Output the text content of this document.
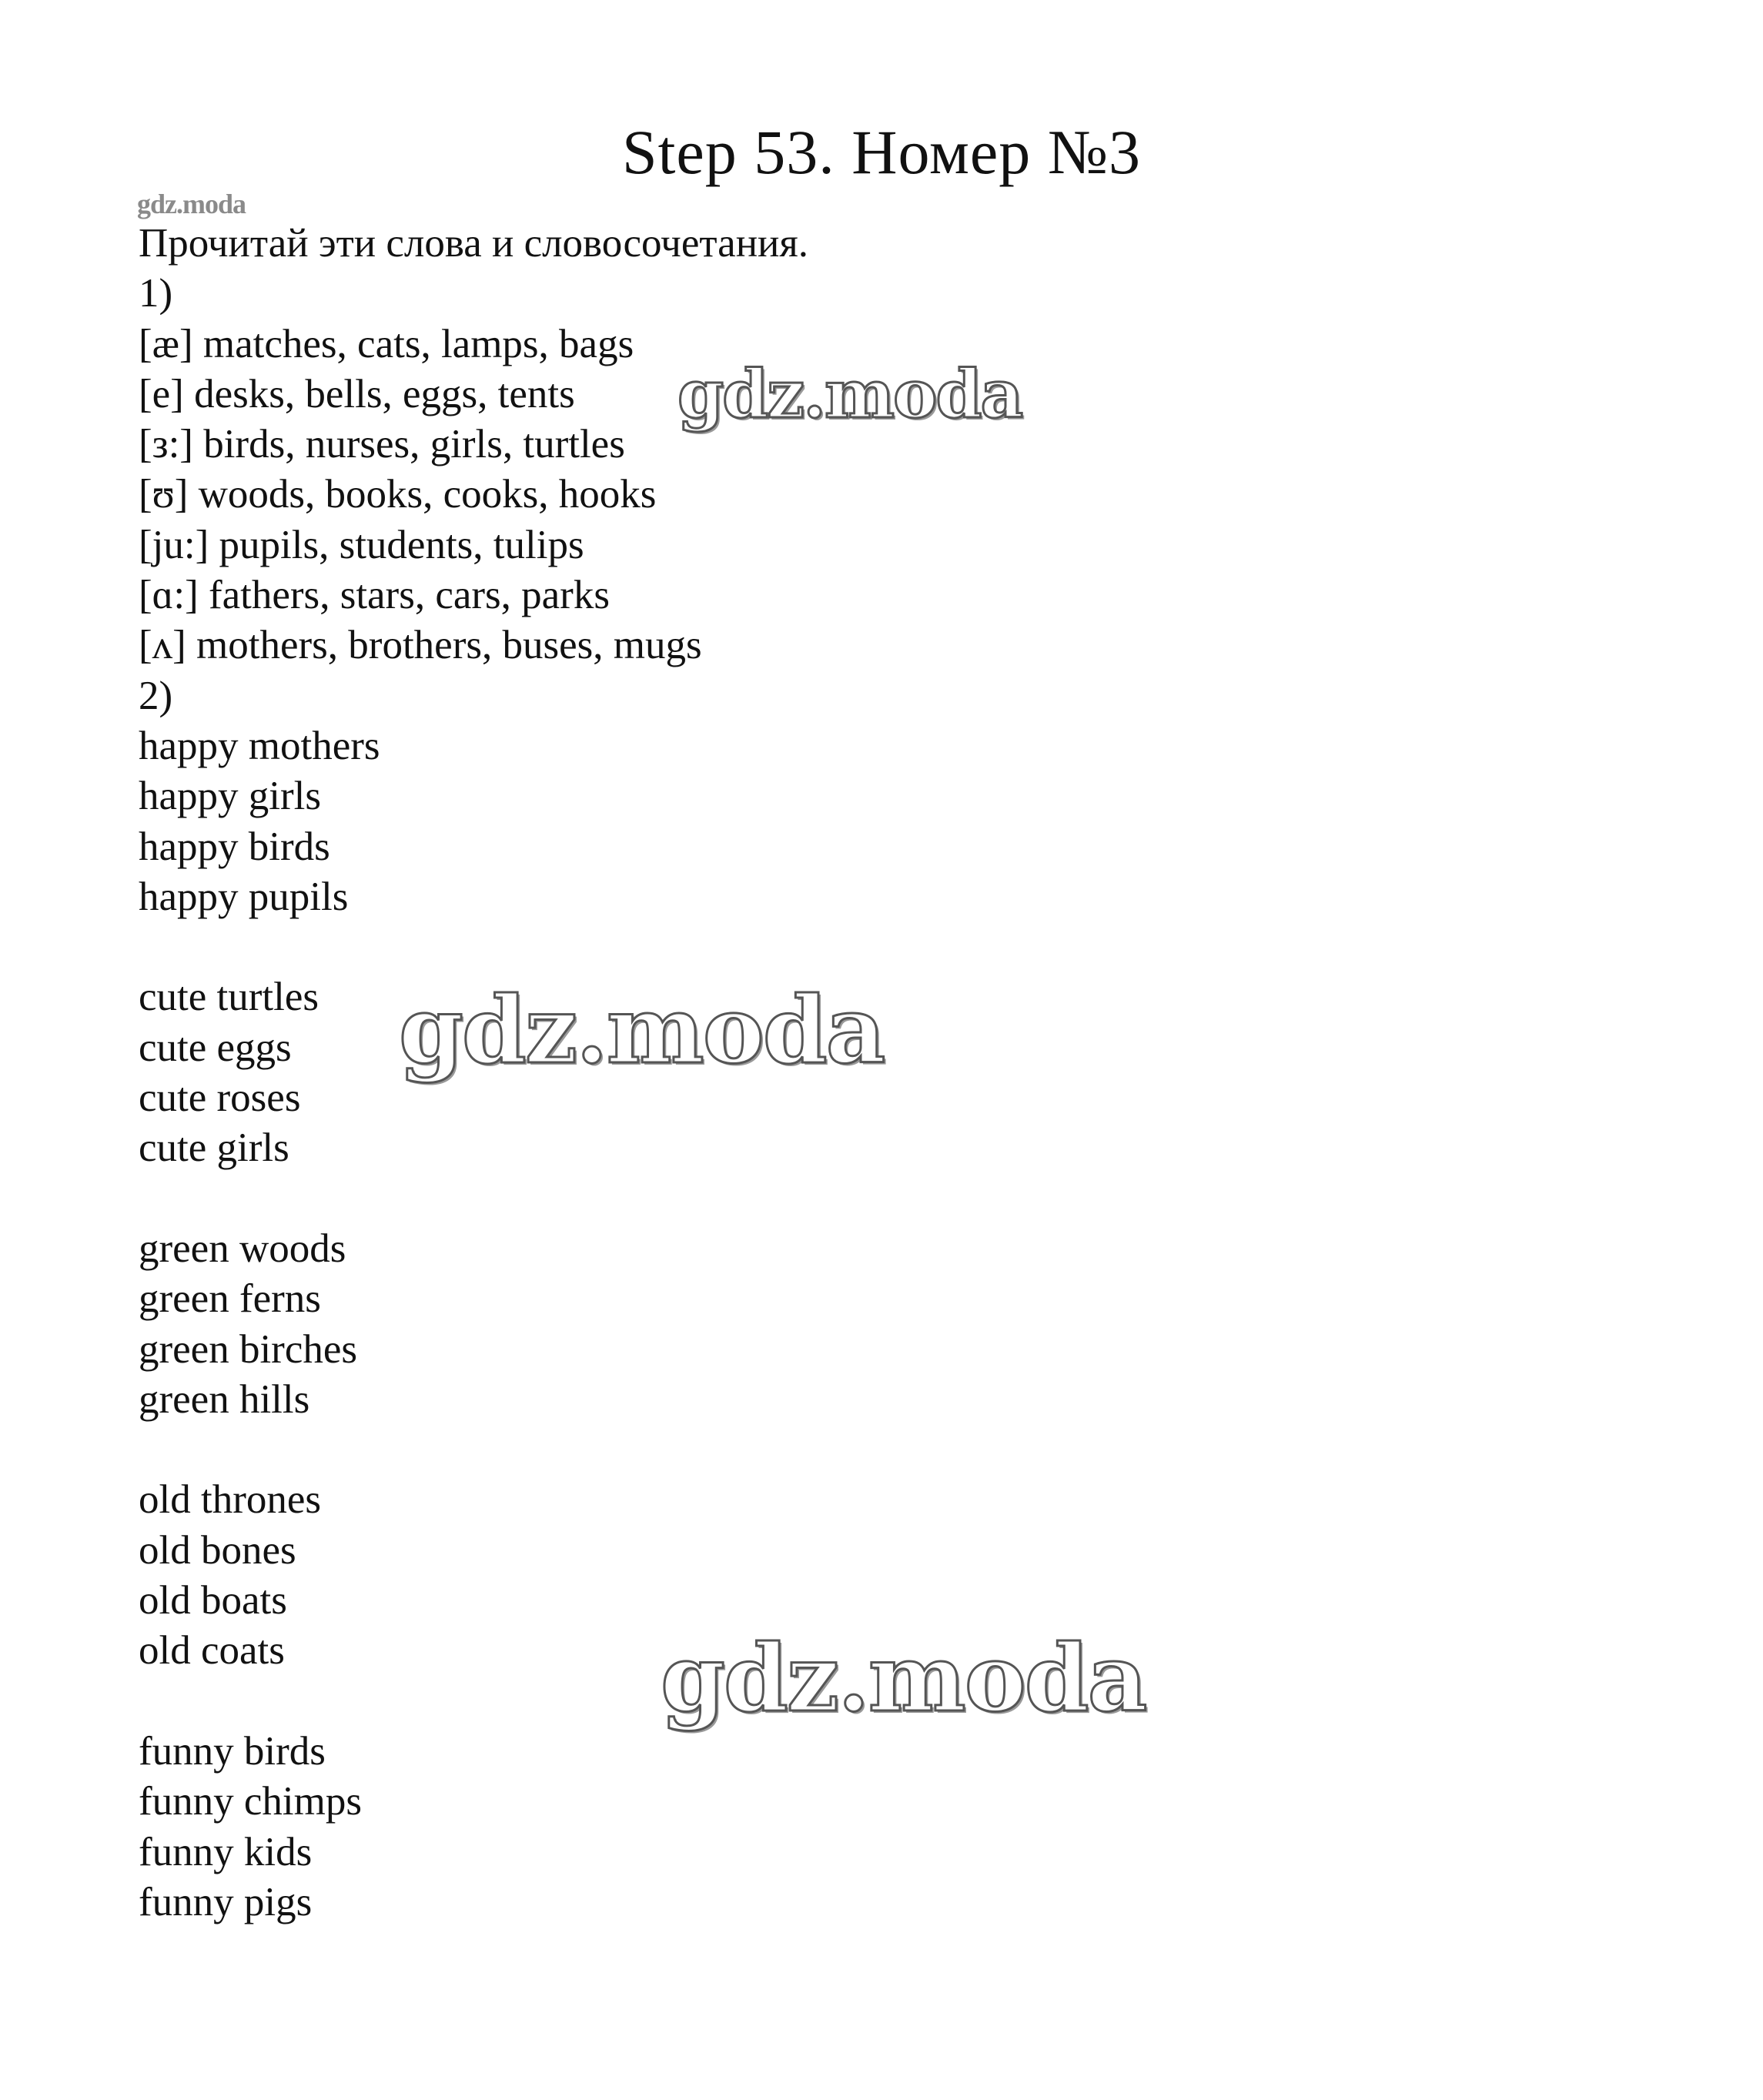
Step 53. Номер №3
gdz.moda
Прочитай эти слова и словосочетания.
1)
[æ] matches, cats, lamps, bags
[e] desks, bells, eggs, tents
[з:] birds, nurses, girls, turtles
[ʊ] woods, books, cooks, hooks
[ju:] pupils, students, tulips
[ɑ:] fathers, stars, cars, parks
[ʌ] mothers, brothers, buses, mugs
2)
happy mothers
happy girls
happy birds
happy pupils
cute turtles
cute eggs
cute roses
cute girls
green woods
green ferns
green birches
green hills
old thrones
old bones
old boats
old coats
funny birds
funny chimps
funny kids
funny pigs
gdz.moda
gdz.moda
gdz.moda
